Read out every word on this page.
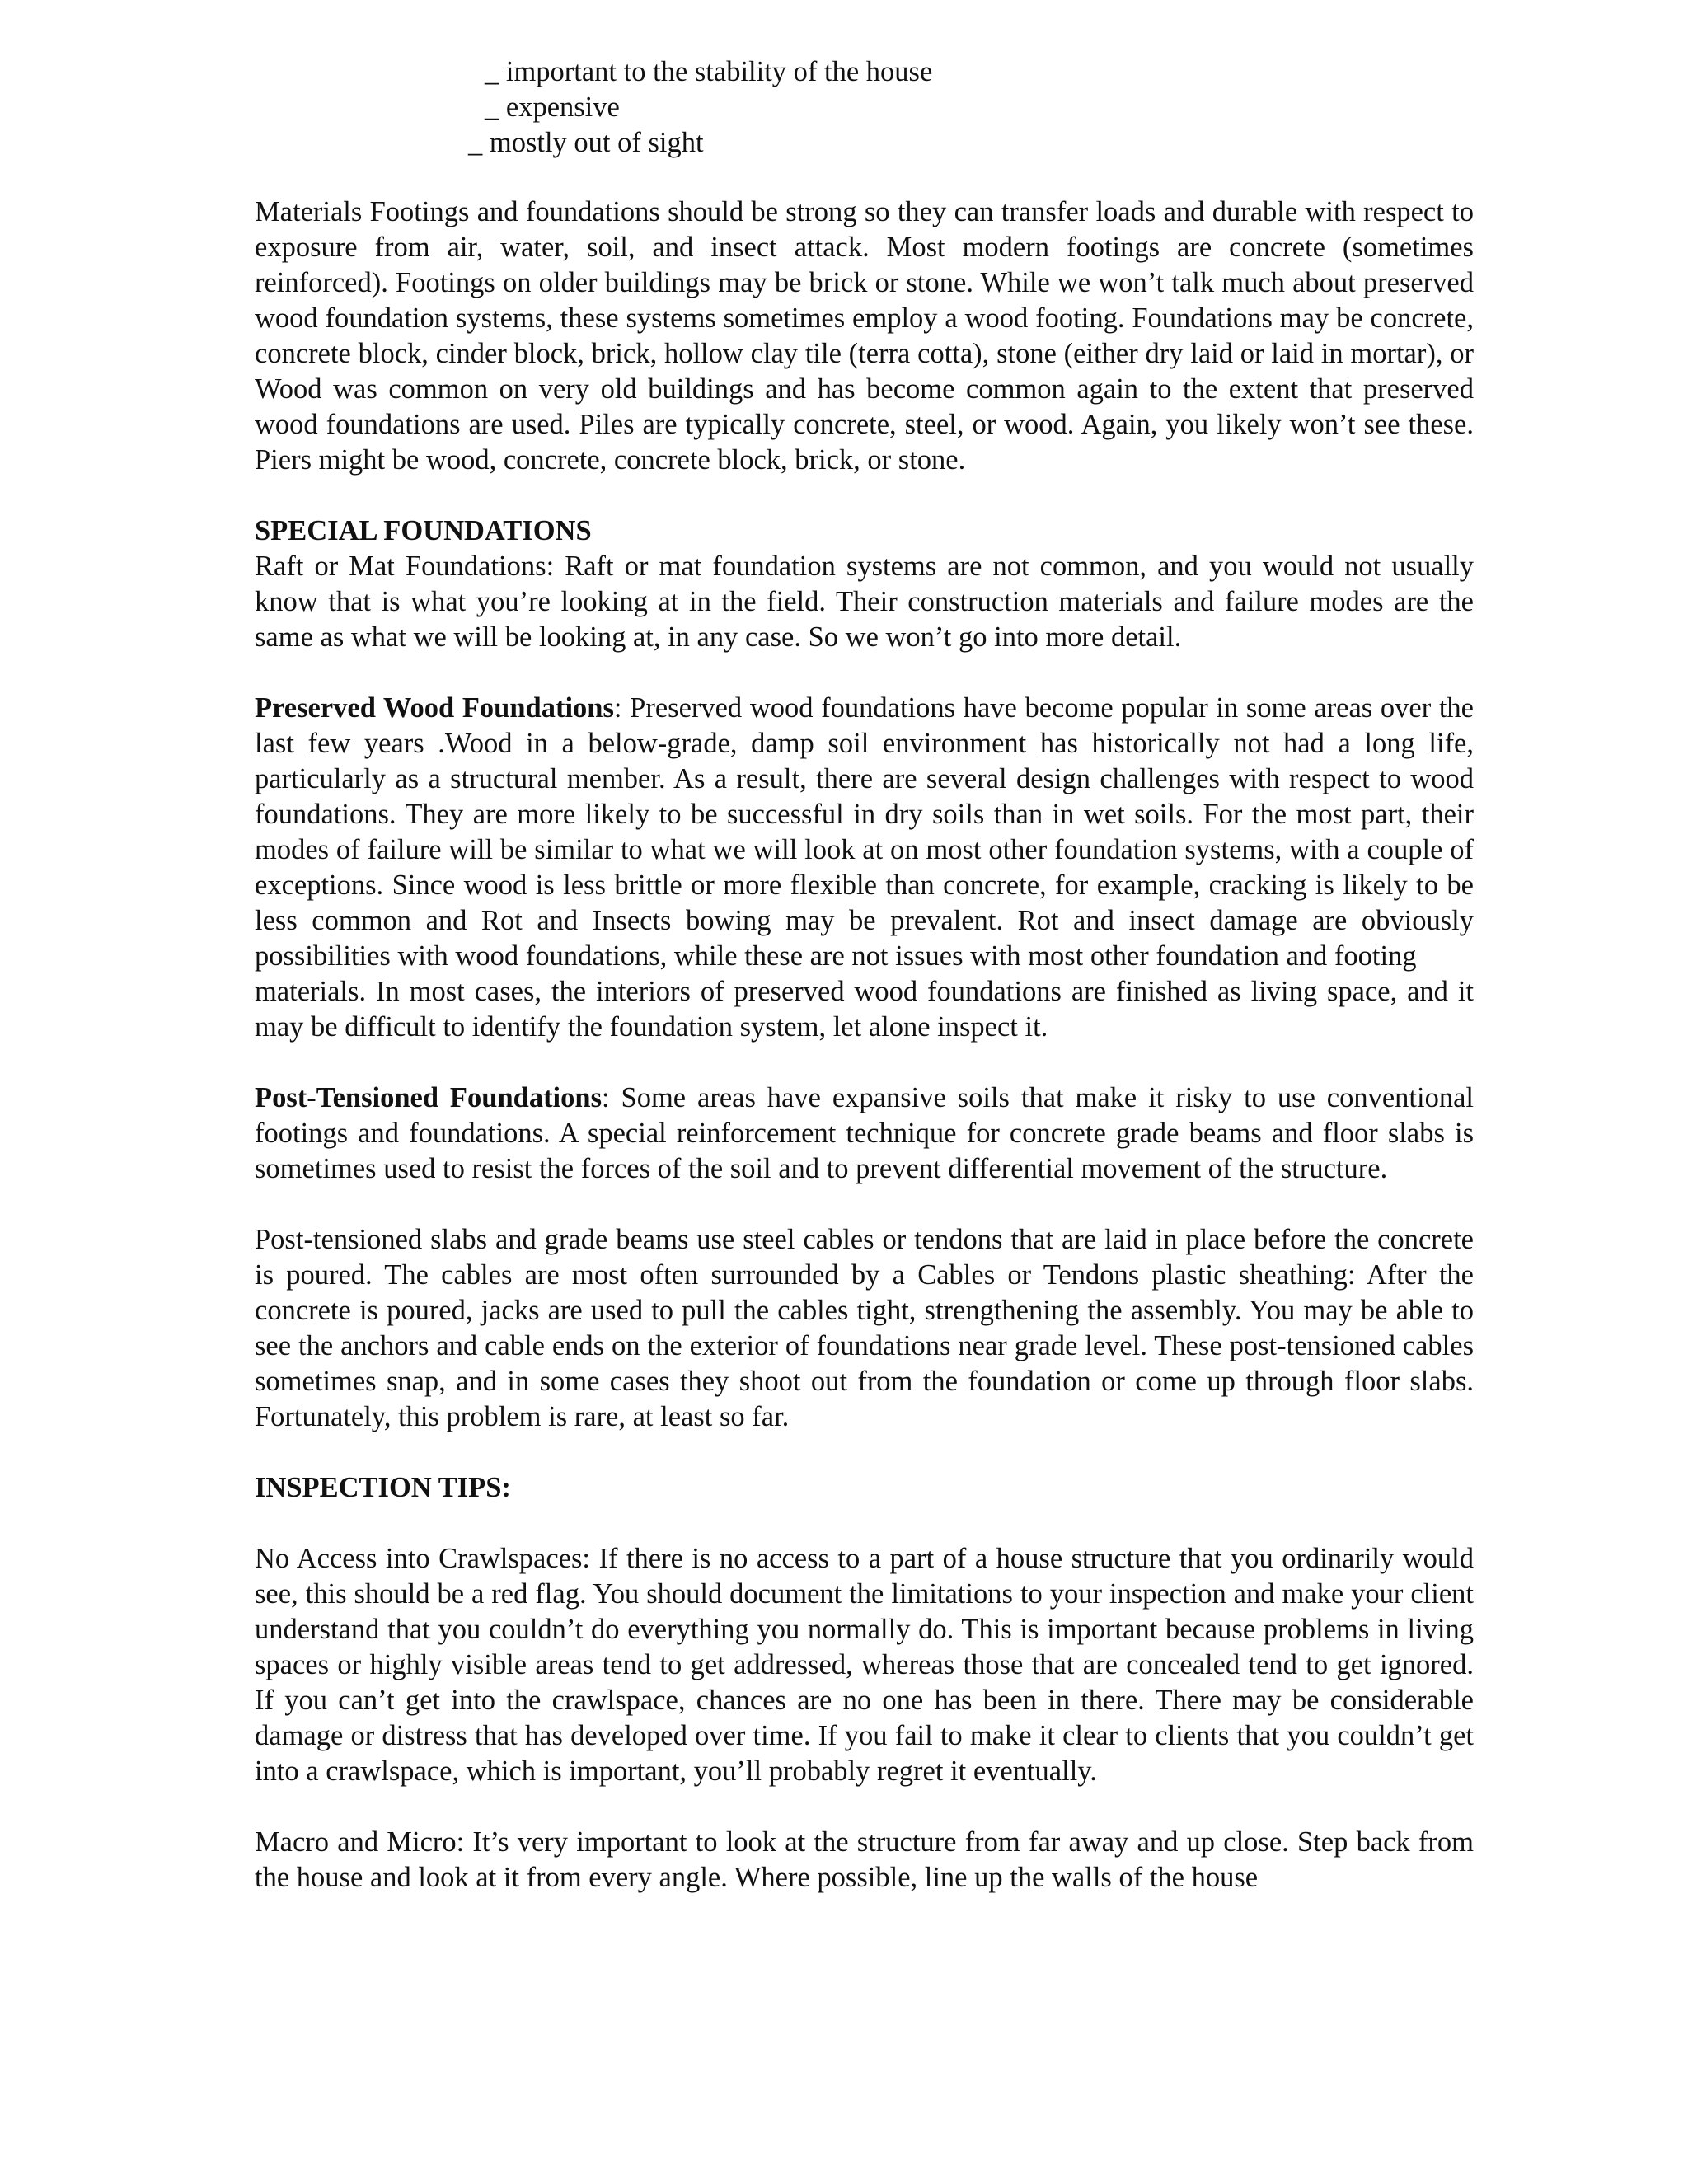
_ important to the stability of the house
_ expensive
_ mostly out of sight

Materials Footings and foundations should be strong so they can transfer loads and durable with respect to exposure from air, water, soil, and insect attack. Most modern footings are concrete (sometimes reinforced). Footings on older buildings may be brick or stone. While we won’t talk much about preserved wood foundation systems, these systems sometimes employ a wood footing. Foundations may be concrete, concrete block, cinder block, brick, hollow clay tile (terra cotta), stone (either dry laid or laid in mortar), or Wood was common on very old buildings and has become common again to the extent that preserved wood foundations are used. Piles are typically concrete, steel, or wood. Again, you likely won’t see these. Piers might be wood, concrete, concrete block, brick, or stone.

SPECIAL FOUNDATIONS

Raft or Mat Foundations: Raft or mat foundation systems are not common, and you would not usually know that is what you’re looking at in the field. Their construction materials and failure modes are the same as what we will be looking at, in any case. So we won’t go into more detail.

Preserved Wood Foundations: Preserved wood foundations have become popular in some areas over the last few years .Wood in a below-grade, damp soil environment has historically not had a long life, particularly as a structural member. As a result, there are several design challenges with respect to wood foundations. They are more likely to be successful in dry soils than in wet soils. For the most part, their modes of failure will be similar to what we will look at on most other foundation systems, with a couple of exceptions. Since wood is less brittle or more flexible than concrete, for example, cracking is likely to be less common and Rot and Insects bowing may be prevalent. Rot and insect damage are obviously possibilities with wood foundations, while these are not issues with most other foundation and footing

materials. In most cases, the interiors of preserved wood foundations are finished as living space, and it may be difficult to identify the foundation system, let alone inspect it.

Post-Tensioned Foundations: Some areas have expansive soils that make it risky to use conventional footings and foundations. A special reinforcement technique for concrete grade beams and floor slabs is sometimes used to resist the forces of the soil and to prevent differential movement of the structure.

Post-tensioned slabs and grade beams use steel cables or tendons that are laid in place before the concrete is poured. The cables are most often surrounded by a Cables or Tendons plastic sheathing: After the concrete is poured, jacks are used to pull the cables tight, strengthening the assembly. You may be able to see the anchors and cable ends on the exterior of foundations near grade level. These post-tensioned cables sometimes snap, and in some cases they shoot out from the foundation or come up through floor slabs. Fortunately, this problem is rare, at least so far.

INSPECTION TIPS:

No Access into Crawlspaces: If there is no access to a part of a house structure that you ordinarily would see, this should be a red flag. You should document the limitations to your inspection and make your client understand that you couldn’t do everything you normally do. This is important because problems in living spaces or highly visible areas tend to get addressed, whereas those that are concealed tend to get ignored. If you can’t get into the crawlspace, chances are no one has been in there. There may be considerable damage or distress that has developed over time. If you fail to make it clear to clients that you couldn’t get into a crawlspace, which is important, you’ll probably regret it eventually.

Macro and Micro: It’s very important to look at the structure from far away and up close. Step back from the house and look at it from every angle. Where possible, line up the walls of the house
